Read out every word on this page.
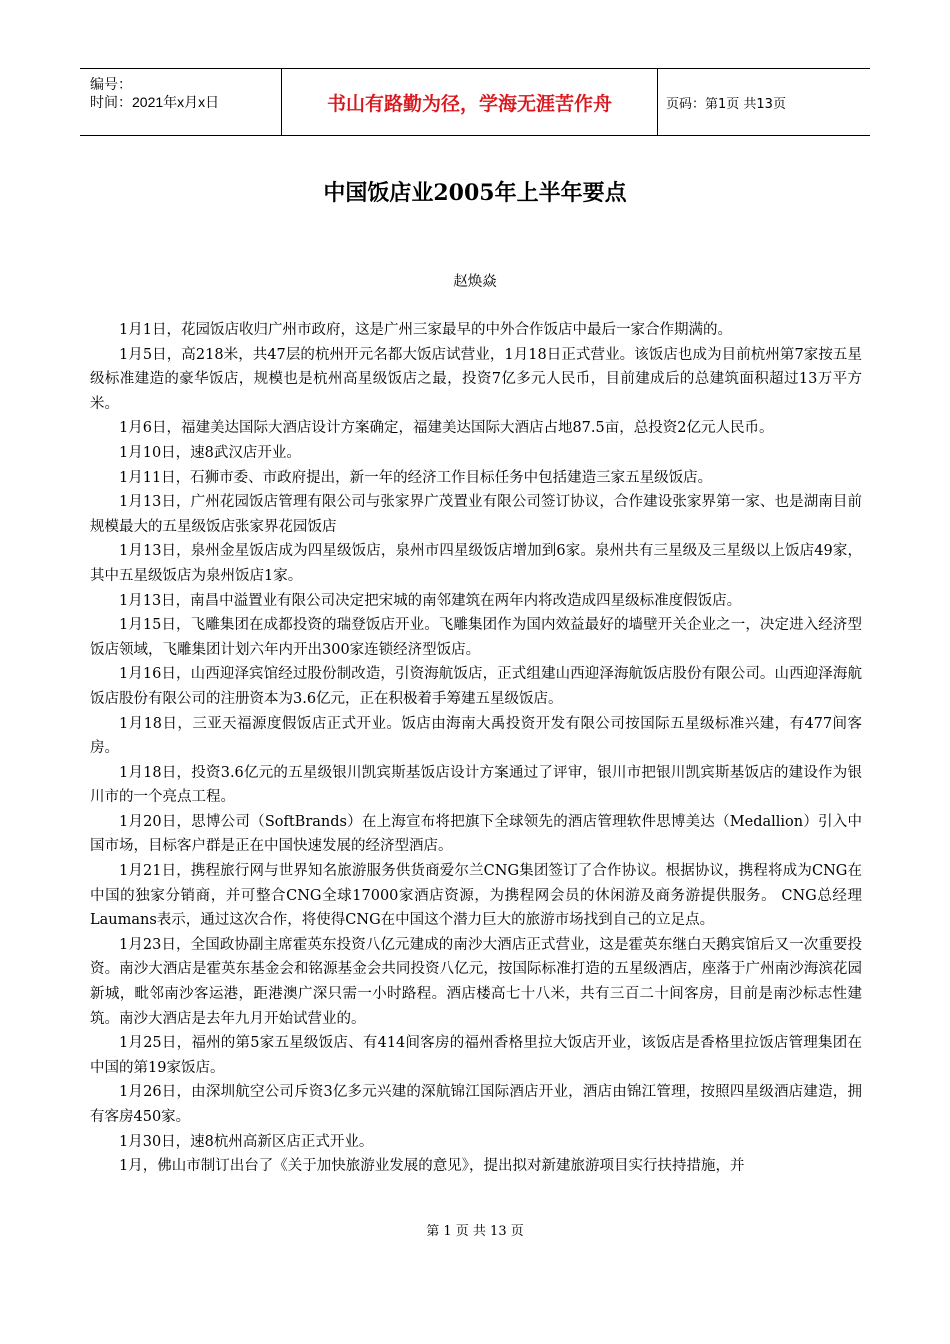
编号：
时间：2021年x月x日	书山有路勤为径，学海无涯苦作舟	页码：第1页 共13页
中国饭店业2005年上半年要点
赵焕焱

1月1日，花园饭店收归广州市政府，这是广州三家最早的中外合作饭店中最后一家合作期满的。

1月5日，高218米，共47层的杭州开元名都大饭店试营业，1月18日正式营业。该饭店也成为目前杭州第7家按五星级标准建造的豪华饭店，规模也是杭州高星级饭店之最，投资7亿多元人民币，目前建成后的总建筑面积超过13万平方米。

1月6日，福建美达国际大酒店设计方案确定，福建美达国际大酒店占地87.5亩，总投资2亿元人民币。

1月10日，速8武汉店开业。

1月11日，石狮市委、市政府提出，新一年的经济工作目标任务中包括建造三家五星级饭店。

1月13日，广州花园饭店管理有限公司与张家界广茂置业有限公司签订协议，合作建设张家界第一家、也是湖南目前规模最大的五星级饭店张家界花园饭店

1月13日，泉州金星饭店成为四星级饭店，泉州市四星级饭店增加到6家。泉州共有三星级及三星级以上饭店49家，其中五星级饭店为泉州饭店1家。

1月13日，南昌中溢置业有限公司决定把宋城的南邻建筑在两年内将改造成四星级标准度假饭店。

1月15日，飞雕集团在成都投资的瑞登饭店开业。飞雕集团作为国内效益最好的墙壁开关企业之一，决定进入经济型饭店领域，飞雕集团计划六年内开出300家连锁经济型饭店。

1月16日，山西迎泽宾馆经过股份制改造，引资海航饭店，正式组建山西迎泽海航饭店股份有限公司。山西迎泽海航饭店股份有限公司的注册资本为3.6亿元，正在积极着手筹建五星级饭店。

1月18日，三亚天福源度假饭店正式开业。饭店由海南大禹投资开发有限公司按国际五星级标准兴建，有477间客房。

1月18日，投资3.6亿元的五星级银川凯宾斯基饭店设计方案通过了评审，银川市把银川凯宾斯基饭店的建设作为银川市的一个亮点工程。

1月20日，思博公司（SoftBrands）在上海宣布将把旗下全球领先的酒店管理软件思博美达（Medallion）引入中国市场，目标客户群是正在中国快速发展的经济型酒店。

1月21日，携程旅行网与世界知名旅游服务供货商爱尔兰CNG集团签订了合作协议。根据协议，携程将成为CNG在中国的独家分销商，并可整合CNG全球17000家酒店资源，为携程网会员的休闲游及商务游提供服务。 CNG总经理Laumans表示，通过这次合作，将使得CNG在中国这个潜力巨大的旅游市场找到自己的立足点。

1月23日，全国政协副主席霍英东投资八亿元建成的南沙大酒店正式营业，这是霍英东继白天鹅宾馆后又一次重要投资。南沙大酒店是霍英东基金会和铭源基金会共同投资八亿元，按国际标准打造的五星级酒店，座落于广州南沙海滨花园新城，毗邻南沙客运港，距港澳广深只需一小时路程。酒店楼高七十八米，共有三百二十间客房，目前是南沙标志性建筑。南沙大酒店是去年九月开始试营业的。

1月25日，福州的第5家五星级饭店、有414间客房的福州香格里拉大饭店开业，该饭店是香格里拉饭店管理集团在中国的第19家饭店。

1月26日，由深圳航空公司斥资3亿多元兴建的深航锦江国际酒店开业，酒店由锦江管理，按照四星级酒店建造，拥有客房450家。

1月30日，速8杭州高新区店正式开业。

1月，佛山市制订出台了《关于加快旅游业发展的意见》，提出拟对新建旅游项目实行扶持措施，并

第 1 页 共 13 页
